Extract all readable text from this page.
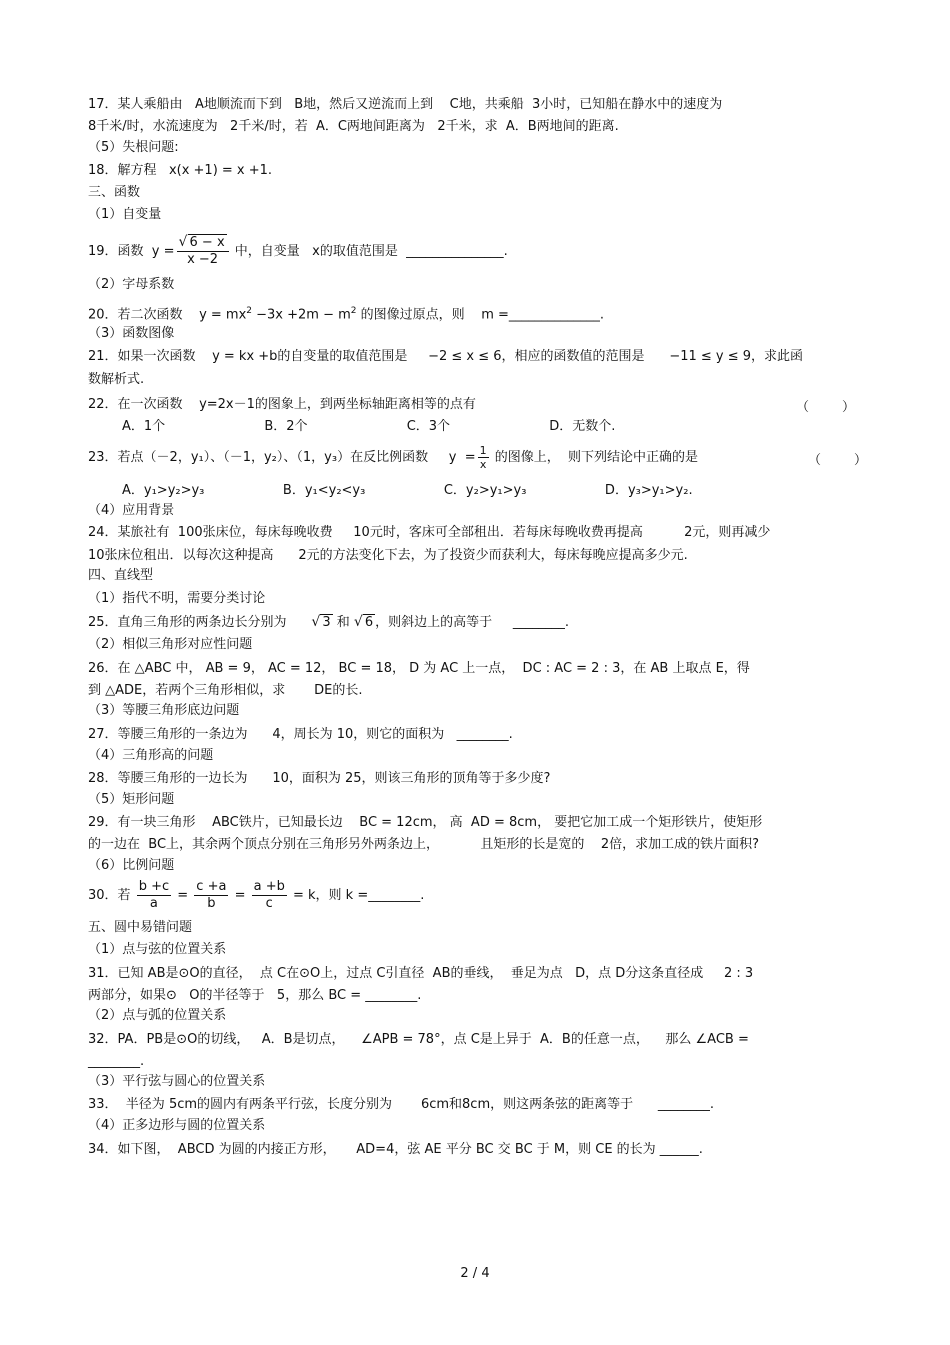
17．某人乘船由   A地顺流而下到   B地，然后又逆流而上到    C地，共乘船  3小时，已知船在静水中的速度为
8千米/时，水流速度为   2千米/时，若  A．C两地间距离为   2千米，求  A．B两地间的距离.
（5）失根问题:
18．解方程   x(x +1) = x +1.
三、函数
（1）自变量
19．函数  $y = \frac{√ 6 - x}{x -2}$ 中，自变量   x的取值范围是  _______________.
（2）字母系数
20．若二次函数    $y = mx^2 -3x +2m - m^2$ 的图像过原点，则    m =______________.
（3）函数图像
21．如果一次函数    y = kx +b的自变量的取值范围是     −2 ≤ x ≤ 6，相应的函数值的范围是      −11 ≤ y ≤ 9，求此函
数解析式.
22．在一次函数    y=2x－1的图象上，到两坐标轴距离相等的点有	（        ）
A．1个                        B．2个                        C．3个                        D．无数个.
23．若点（－2，y₁）、（－1，y₂）、（1，y₃）在反比例函数     $y = \frac{1}{x}$ 的图像上，  则下列结论中正确的是	（        ）
A．y₁>y₂>y₃                   B．y₁<y₂<y₃                   C．y₂>y₁>y₃                   D．y₃>y₁>y₂.
（4）应用背景
24．某旅社有  100张床位，每床每晚收费     10元时，客床可全部租出．若每床每晚收费再提高          2元，则再减少
10张床位租出．以每次这种提高      2元的方法变化下去，为了投资少而获利大，每床每晚应提高多少元.
四、直线型
（1）指代不明，需要分类讨论
25．直角三角形的两条边长分别为 √ 3 和 √ 6 ，则斜边上的高等于     ________.
（2）相似三角形对应性问题
26．在 △ABC 中， AB = 9， AC = 12， BC = 18， D 为 AC 上一点，  DC : AC = 2 : 3，在 AB 上取点 E，得
到 △ADE，若两个三角形相似，求       DE的长.
（3）等腰三角形底边问题
27．等腰三角形的一条边为      4，周长为 10，则它的面积为   ________.
（4）三角形高的问题
28．等腰三角形的一边长为      10，面积为 25，则该三角形的顶角等于多少度?
（5）矩形问题
29．有一块三角形    ABC铁片，已知最长边    BC = 12cm， 高  AD = 8cm， 要把它加工成一个矩形铁片，使矩形
的一边在  BC上，其余两个顶点分别在三角形另外两条边上，          且矩形的长是宽的    2倍，求加工成的铁片面积?
（6）比例问题
30．若 $\frac{b +c}{a} = \frac{c +a}{b} = \frac{a +b}{c} = k$，则 k =________.
五、圆中易错问题
（1）点与弦的位置关系
31．已知 AB是⊙O的直径，  点 C在⊙O上，过点 C引直径  AB的垂线，  垂足为点   D，点 D分这条直径成     2 : 3
两部分，如果⊙   O的半径等于   5，那么 BC = ________.
（2）点与弧的位置关系
32．PA．PB是⊙O的切线，   A．B是切点，    ∠APB = 78°，点 C是上异于  A．B的任意一点，    那么 ∠ACB =
________.
（3）平行弦与圆心的位置关系
33．  半径为 5cm的圆内有两条平行弦，长度分别为       6cm和8cm，则这两条弦的距离等于      ________.
（4）正多边形与圆的位置关系
34．如下图，  ABCD 为圆的内接正方形，     AD=4，弦 AE 平分 BC 交 BC 于 M，则 CE 的长为 ______.
2 / 4
